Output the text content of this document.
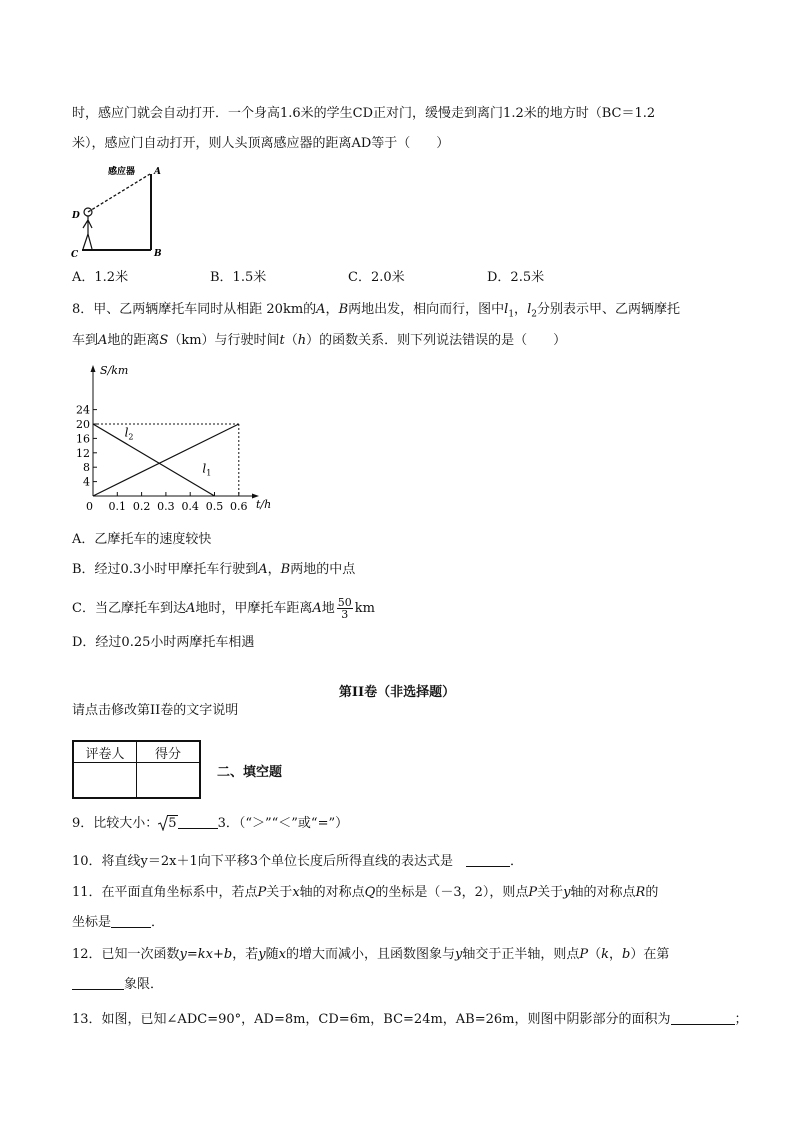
时，感应门就会自动打开．一个身高1.6米的学生CD正对门，缓慢走到离门1.2米的地方时（BC＝1.2
米），感应门自动打开，则人头顶离感应器的距离AD等于（　　）
感应器 A
B
C
D
A．1.2米	B．1.5米	C．2.0米	D．2.5米
8．甲、乙两辆摩托车同时从相距 20km的A，B两地出发，相向而行，图中$l_1$，$l_2$分别表示甲、乙两辆摩托
车到A地的距离S（km）与行驶时间t（h）的函数关系．则下列说法错误的是（　　）
S/km
t/h
0
24
20
16
12
8
4
0.1 0.2 0.3 0.4 0.5 0.6
$l_1$
$l_2$
A．乙摩托车的速度较快
B．经过0.3小时甲摩托车行驶到A，B两地的中点
C．当乙摩托车到达A地时，甲摩托车距离A地 $\frac{50}{3}$ km
D．经过0.25小时两摩托车相遇
第II卷（非选择题）
请点击修改第II卷的文字说明
评卷人	得分

二、填空题
9．比较大小： 5	3．（“＞”“＜”或“=”）
10．将直线y＝2x＋1向下平移3个单位长度后所得直线的表达式是　	．
11．在平面直角坐标系中，若点P关于x轴的对称点Q的坐标是（－3，2），则点P关于y轴的对称点R的
坐标是	．
12．已知一次函数y=kx+b，若y随x的增大而减小，且函数图象与y轴交于正半轴，则点P（k，b）在第
象限．
13．如图，已知∠ADC=90°，AD=8m，CD=6m，BC=24m，AB=26m，则图中阴影部分的面积为	；
